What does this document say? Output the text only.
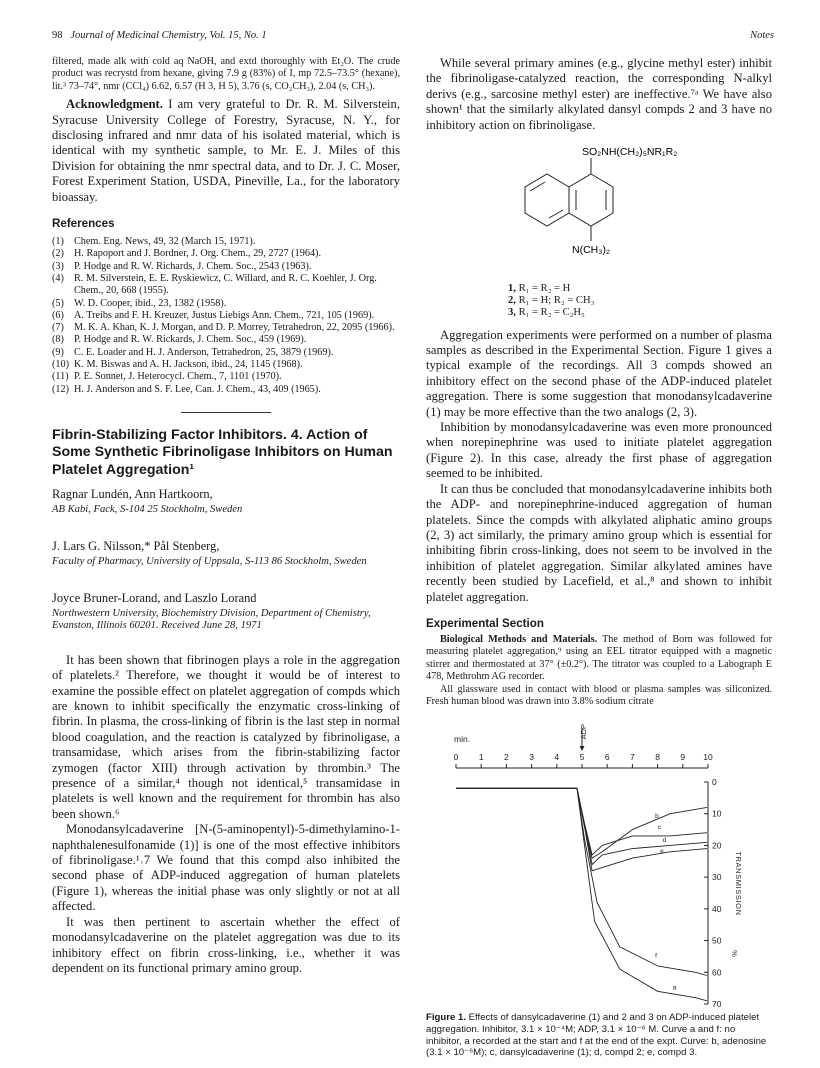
98 Journal of Medicinal Chemistry, Vol. 15, No. 1	Notes

filtered, made alk with cold aq NaOH, and extd thoroughly with Et₂O. The crude product was recrystd from hexane, giving 7.9 g (83%) of I, mp 72.5–73.5° (hexane), lit.³ 73–74°, nmr (CCl₄) 6.62, 6.57 (H 3, H 5), 3.76 (s, CO₂CH₃), 2.04 (s, CH₃).

Acknowledgment. I am very grateful to Dr. R. M. Silverstein, Syracuse University College of Forestry, Syracuse, N. Y., for disclosing infrared and nmr data of his isolated material, which is identical with my synthetic sample, to Mr. E. J. Miles of this Division for obtaining the nmr spectral data, and to Dr. J. C. Moser, Forest Experiment Station, USDA, Pineville, La., for the laboratory bioassay.

References
(1) Chem. Eng. News, 49, 32 (March 15, 1971).
(2) H. Rapoport and J. Bordner, J. Org. Chem., 29, 2727 (1964).
(3) P. Hodge and R. W. Richards, J. Chem. Soc., 2543 (1963).
(4) R. M. Silverstein, E. E. Ryskiewicz, C. Willard, and R. C. Koehler, J. Org. Chem., 20, 668 (1955).
(5) W. D. Cooper, ibid., 23, 1382 (1958).
(6) A. Treibs and F. H. Kreuzer, Justus Liebigs Ann. Chem., 721, 105 (1969).
(7) M. K. A. Khan, K. J. Morgan, and D. P. Morrey, Tetrahedron, 22, 2095 (1966).
(8) P. Hodge and R. W. Rickards, J. Chem. Soc., 459 (1969).
(9) C. E. Loader and H. J. Anderson, Tetrahedron, 25, 3879 (1969).
(10) K. M. Biswas and A. H. Jackson, ibid., 24, 1145 (1968).
(11) P. E. Sonnet, J. Heterocycl. Chem., 7, 1101 (1970).
(12) H. J. Anderson and S. F. Lee, Can. J. Chem., 43, 409 (1965).
Fibrin-Stabilizing Factor Inhibitors. 4. Action of Some Synthetic Fibrinoligase Inhibitors on Human Platelet Aggregation¹
Ragnar Lundén, Ann Hartkoorn,
AB Kabi, Fack, S-104 25 Stockholm, Sweden
J. Lars G. Nilsson,* Pål Stenberg,
Faculty of Pharmacy, University of Uppsala, S-113 86 Stockholm, Sweden
Joyce Bruner-Lorand, and Laszlo Lorand
Northwestern University, Biochemistry Division, Department of Chemistry, Evanston, Illinois 60201. Received June 28, 1971

It has been shown that fibrinogen plays a role in the aggregation of platelets.² Therefore, we thought it would be of interest to examine the possible effect on platelet aggregation of compds which are known to inhibit specifically the enzymatic cross-linking of fibrin. In plasma, the cross-linking of fibrin is the last step in normal blood coagulation, and the reaction is catalyzed by fibrinoligase, a transamidase, which arises from the fibrin-stabilizing factor zymogen (factor XIII) through activation by thrombin.³ The presence of a similar,⁴ though not identical,⁵ transamidase in platelets is well known and the requirement for thrombin has also been shown.⁶

Monodansylcadaverine [N-(5-aminopentyl)-5-dimethylamino-1-naphthalenesulfonamide (1)] is one of the most effective inhibitors of fibrinoligase.¹˒7 We found that this compd also inhibited the second phase of ADP-induced aggregation of human platelets (Figure 1), whereas the initial phase was only slightly or not at all affected.

It was then pertinent to ascertain whether the effect of monodansylcadaverine on the platelet aggregation was due to its inhibitory effect on fibrin cross-linking, i.e., whether it was dependent on its functional primary amino group.

While several primary amines (e.g., glycine methyl ester) inhibit the fibrinoligase-catalyzed reaction, the corresponding N-alkyl derivs (e.g., sarcosine methyl ester) are ineffective.⁷ᵃ We have also shown¹ that the similarly alkylated dansyl compds 2 and 3 have no inhibitory action on fibrinoligase.

SO₂NH(CH₂)₅NR₁R₂
N(CH₃)₂
1, R₁ = R₂ = H
2, R₁ = H; R₂ = CH₃
3, R₁ = R₂ = C₂H₅

Aggregation experiments were performed on a number of plasma samples as described in the Experimental Section. Figure 1 gives a typical example of the recordings. All 3 compds showed an inhibitory effect on the second phase of the ADP-induced platelet aggregation. There is some suggestion that monodansylcadaverine (1) may be more effective than the two analogs (2, 3).

Inhibition by monodansylcadaverine was even more pronounced when norepinephrine was used to initiate platelet aggregation (Figure 2). In this case, already the first phase of aggregation seemed to be inhibited.

It can thus be concluded that monodansylcadaverine inhibits both the ADP- and norepinephrine-induced aggregation of human platelets. Since the compds with alkylated aliphatic amino groups (2, 3) act similarly, the primary amino group which is essential for inhibiting fibrin cross-linking, does not seem to be involved in the inhibition of platelet aggregation. Similar alkylated amines have recently been studied by Lacefield, et al.,⁸ and shown to inhibit platelet aggregation.

Experimental Section

Biological Methods and Materials. The method of Born was followed for measuring platelet aggregation,⁹ using an EEL titrator equipped with a magnetic stirrer and thermostated at 37° (±0.2°). The titrator was coupled to a Labograph E 478, Methrohm AG recorder.

All glassware used in contact with blood or plasma samples was siliconized. Fresh human blood was drawn into 3.8% sodium citrate

min.
0 1 2 3 4 5 6 7 8 9 10
ADP
0
10
20
30
40
50
60
70
TRANSMISSION
%
a
b
c
d
e
f

Figure 1. Effects of dansylcadaverine (1) and 2 and 3 on ADP-induced platelet aggregation. Inhibitor, 3.1 × 10⁻⁴M; ADP, 3.1 × 10⁻⁶ M. Curve a and f: no inhibitor, a recorded at the start and f at the end of the expt. Curve: b, adenosine (3.1 × 10⁻⁶M); c, dansylcadaverine (1); d, compd 2; e, compd 3.
